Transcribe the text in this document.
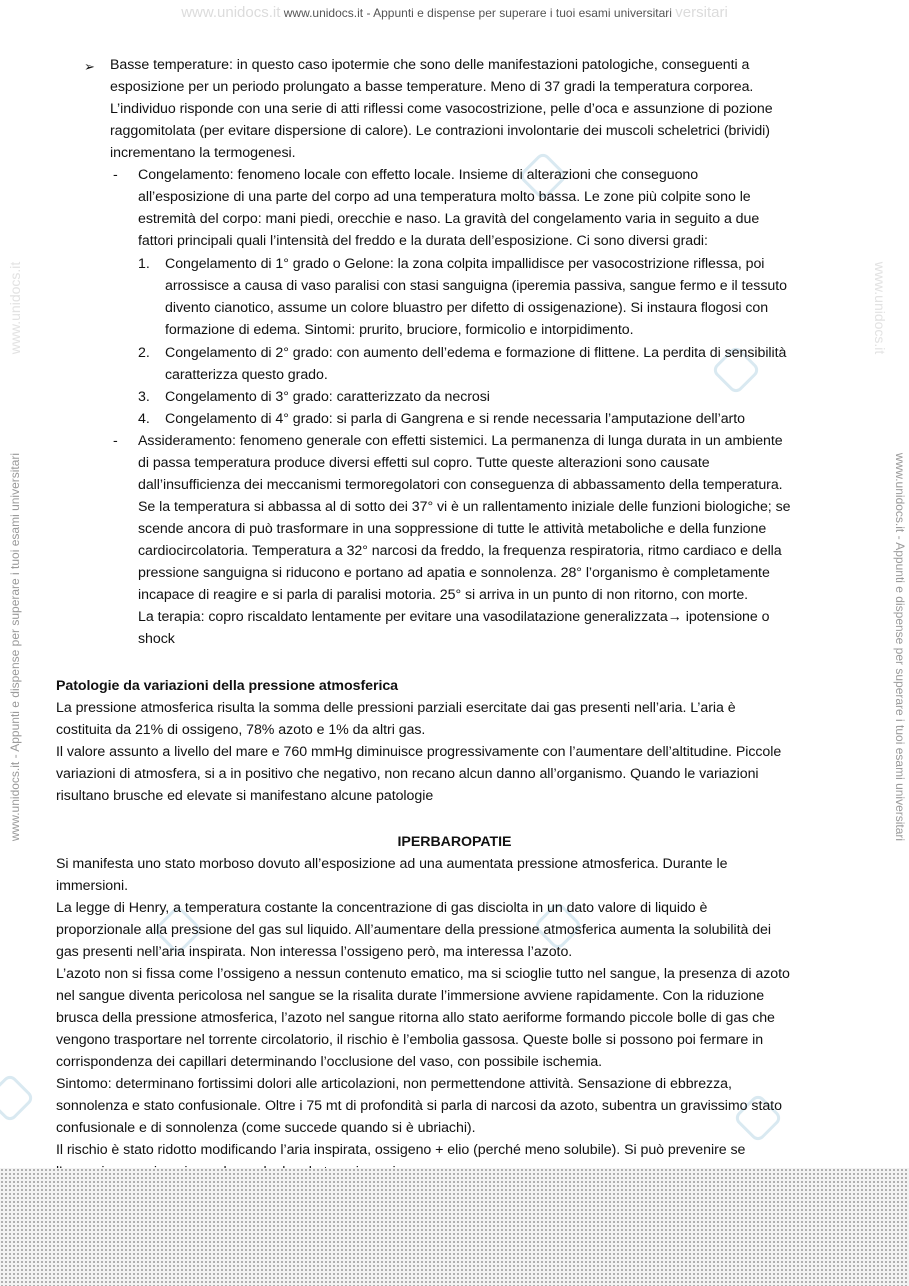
www.unidocs.it www.unidocs.it - Appunti e dispense per superare i tuoi esami universitari versitari
www.unidocs.it - Appunti e dispense per superare i tuoi esami universitari	www.unidocs.it - Appunti e dispense per superare i tuoi esami universitari
www.unidocs.it	www.unidocs.it
➢ Basse temperature: in questo caso ipotermie che sono delle manifestazioni patologiche, conseguenti a
esposizione per un periodo prolungato a basse temperature. Meno di 37 gradi la temperatura corporea.
L’individuo risponde con una serie di atti riflessi come vasocostrizione, pelle d’oca e assunzione di pozione
raggomitolata (per evitare dispersione di calore). Le contrazioni involontarie dei muscoli scheletrici (brividi)
incrementano la termogenesi.
- Congelamento: fenomeno locale con effetto locale. Insieme di alterazioni che conseguono
all’esposizione di una parte del corpo ad una temperatura molto bassa. Le zone più colpite sono le
estremità del corpo: mani piedi, orecchie e naso. La gravità del congelamento varia in seguito a due
fattori principali quali l’intensità del freddo e la durata dell’esposizione. Ci sono diversi gradi:
1. Congelamento di 1° grado o Gelone: la zona colpita impallidisce per vasocostrizione riflessa, poi
arrossisce a causa di vaso paralisi con stasi sanguigna (iperemia passiva, sangue fermo e il tessuto
divento cianotico, assume un colore bluastro per difetto di ossigenazione). Si instaura flogosi con
formazione di edema. Sintomi: prurito, bruciore, formicolio e intorpidimento.
2. Congelamento di 2° grado: con aumento dell’edema e formazione di flittene. La perdita di sensibilità
caratterizza questo grado.
3. Congelamento di 3° grado: caratterizzato da necrosi
4. Congelamento di 4° grado: si parla di Gangrena e si rende necessaria l’amputazione dell’arto
- Assideramento: fenomeno generale con effetti sistemici. La permanenza di lunga durata in un ambiente
di passa temperatura produce diversi effetti sul copro. Tutte queste alterazioni sono causate
dall’insufficienza dei meccanismi termoregolatori con conseguenza di abbassamento della temperatura.
Se la temperatura si abbassa al di sotto dei 37° vi è un rallentamento iniziale delle funzioni biologiche; se
scende ancora di può trasformare in una soppressione di tutte le attività metaboliche e della funzione
cardiocircolatoria. Temperatura a 32° narcosi da freddo, la frequenza respiratoria, ritmo cardiaco e della
pressione sanguigna si riducono e portano ad apatia e sonnolenza. 28° l’organismo è completamente
incapace di reagire e si parla di paralisi motoria. 25° si arriva in un punto di non ritorno, con morte.
La terapia: copro riscaldato lentamente per evitare una vasodilatazione generalizzata→ ipotensione o
shock
Patologie da variazioni della pressione atmosferica
La pressione atmosferica risulta la somma delle pressioni parziali esercitate dai gas presenti nell’aria. L’aria è
costituita da 21% di ossigeno, 78% azoto e 1% da altri gas.
Il valore assunto a livello del mare e 760 mmHg diminuisce progressivamente con l’aumentare dell’altitudine. Piccole
variazioni di atmosfera, si a in positivo che negativo, non recano alcun danno all’organismo. Quando le variazioni
risultano brusche ed elevate si manifestano alcune patologie
IPERBAROPATIE
Si manifesta uno stato morboso dovuto all’esposizione ad una aumentata pressione atmosferica. Durante le
immersioni.
La legge di Henry, a temperatura costante la concentrazione di gas disciolta in un dato valore di liquido è
proporzionale alla pressione del gas sul liquido. All’aumentare della pressione atmosferica aumenta la solubilità dei
gas presenti nell’aria inspirata. Non interessa l’ossigeno però, ma interessa l’azoto.
L’azoto non si fissa come l’ossigeno a nessun contenuto ematico, ma si scioglie tutto nel sangue, la presenza di azoto
nel sangue diventa pericolosa nel sangue se la risalita durate l’immersione avviene rapidamente. Con la riduzione
brusca della pressione atmosferica, l’azoto nel sangue ritorna allo stato aeriforme formando piccole bolle di gas che
vengono trasportare nel torrente circolatorio, il rischio è l’embolia gassosa. Queste bolle si possono poi fermare in
corrispondenza dei capillari determinando l’occlusione del vaso, con possibile ischemia.
Sintomo: determinano fortissimi dolori alle articolazioni, non permettendone attività. Sensazione di ebbrezza,
sonnolenza e stato confusionale. Oltre i 75 mt di profondità si parla di narcosi da azoto, subentra un gravissimo stato
confusionale e di sonnolenza (come succede quando si è ubriachi).
Il rischio è stato ridotto modificando l’aria inspirata, ossigeno + elio (perché meno solubile). Si può prevenire se
